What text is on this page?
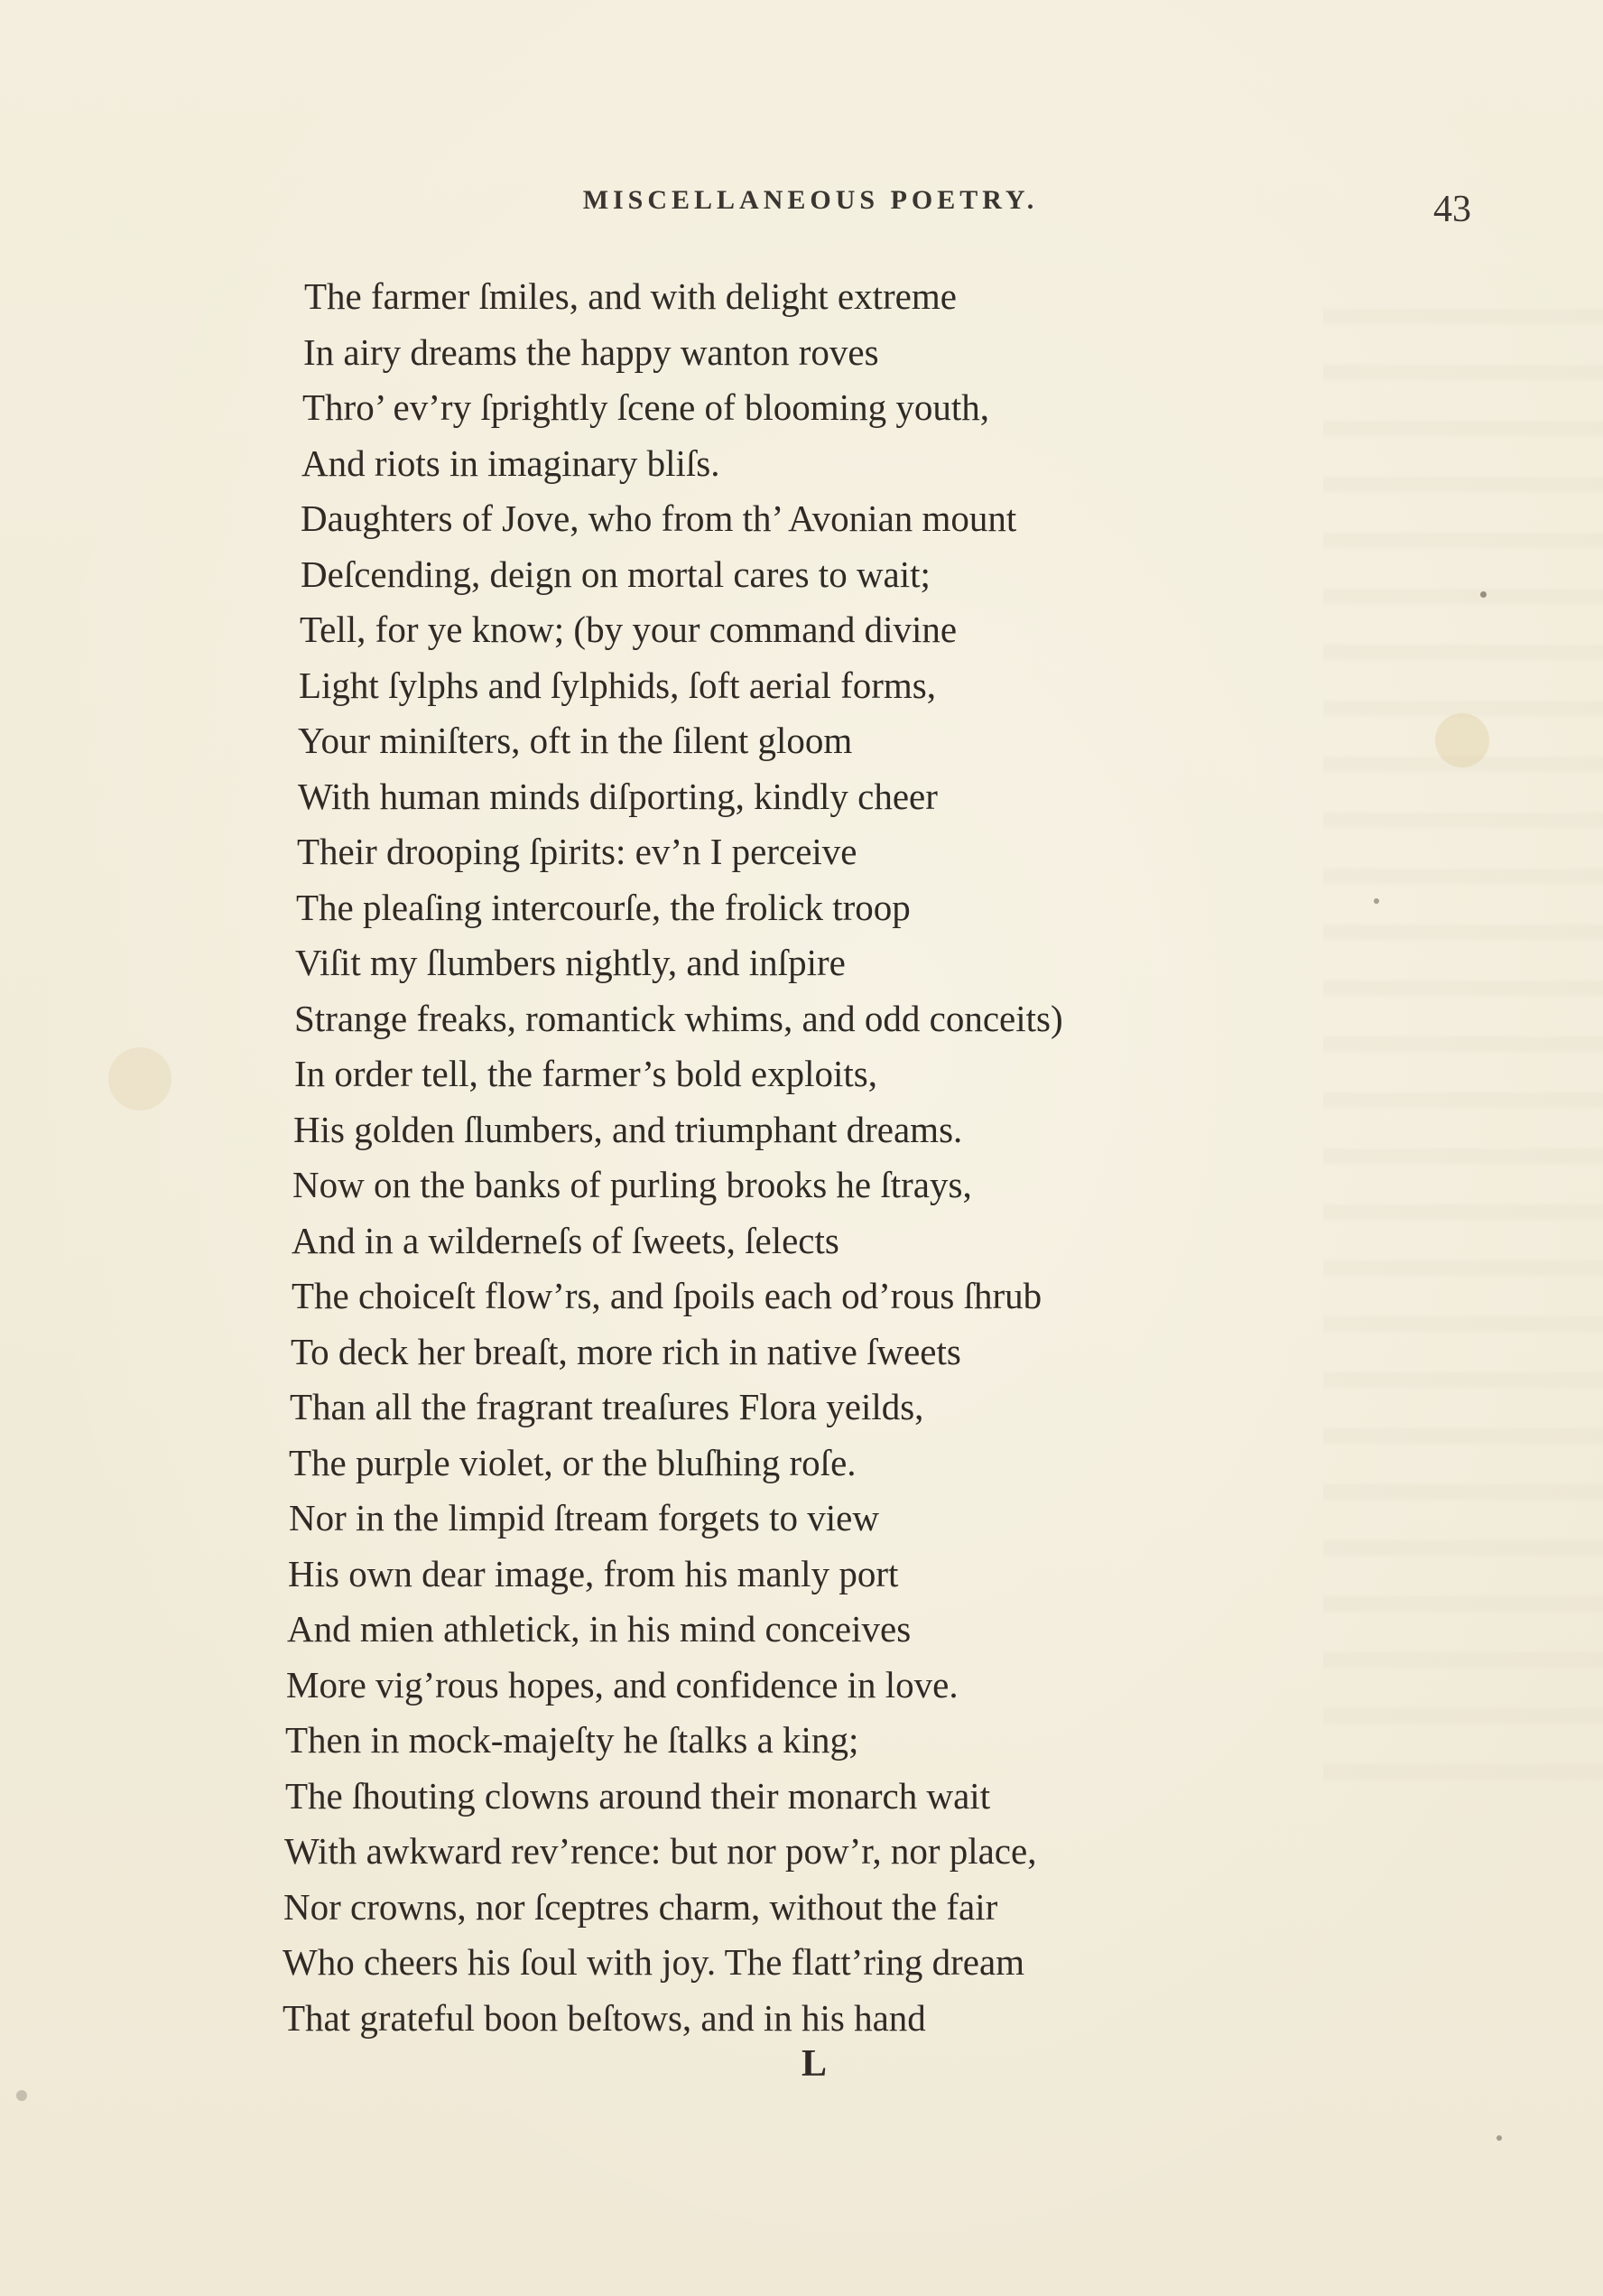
MISCELLANEOUS POETRY.	43
The farmer ſmiles, and with delight extreme
In airy dreams the happy wanton roves
Thro’ ev’ry ſprightly ſcene of blooming youth,
And riots in imaginary bliſs.
Daughters of Jove, who from th’ Avonian mount
Deſcending, deign on mortal cares to wait;
Tell, for ye know; (by your command divine
Light ſylphs and ſylphids, ſoft aerial forms,
Your miniſters, oft in the ſilent gloom
With human minds diſporting, kindly cheer
Their drooping ſpirits: ev’n I perceive
The pleaſing intercourſe, the frolick troop
Viſit my ſlumbers nightly, and inſpire
Strange freaks, romantick whims, and odd conceits)
In order tell, the farmer’s bold exploits,
His golden ſlumbers, and triumphant dreams.
Now on the banks of purling brooks he ſtrays,
And in a wilderneſs of ſweets, ſelects
The choiceſt flow’rs, and ſpoils each od’rous ſhrub
To deck her breaſt, more rich in native ſweets
Than all the fragrant treaſures Flora yeilds,
The purple violet, or the bluſhing roſe.
Nor in the limpid ſtream forgets to view
His own dear image, from his manly port
And mien athletick, in his mind conceives
More vig’rous hopes, and confidence in love.
Then in mock-majeſty he ſtalks a king;
The ſhouting clowns around their monarch wait
With awkward rev’rence: but nor pow’r, nor place,
Nor crowns, nor ſceptres charm, without the fair
Who cheers his ſoul with joy. The flatt’ring dream
That grateful boon beſtows, and in his hand
L
